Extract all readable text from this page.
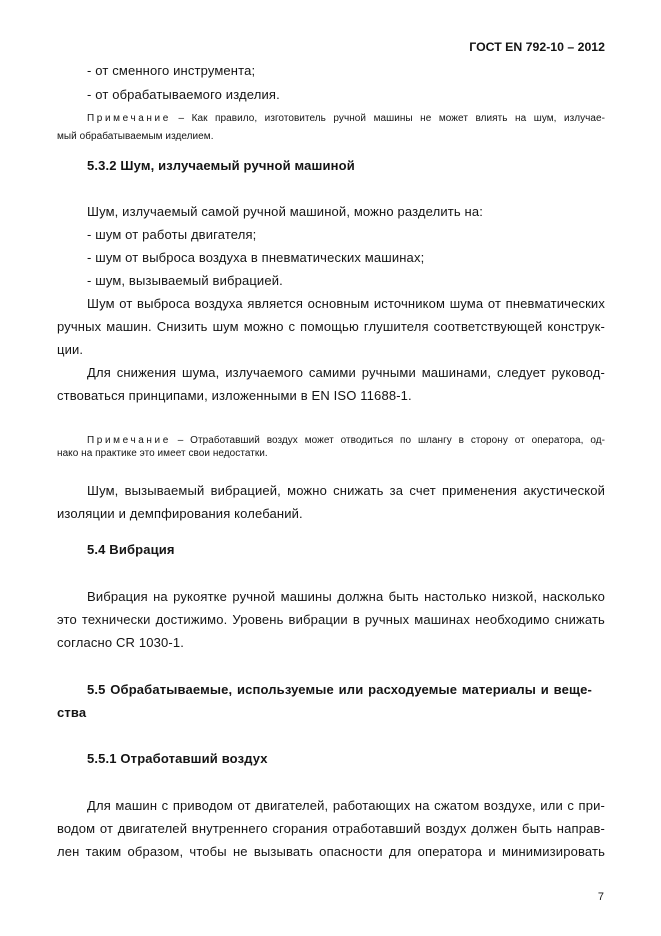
ГОСТ EN 792-10 – 2012
- от сменного инструмента;
- от обрабатываемого изделия.
Примечание – Как правило, изготовитель ручной машины не может влиять на шум, излучае-
мый обрабатываемым изделием.
5.3.2 Шум, излучаемый ручной машиной
Шум, излучаемый самой ручной машиной, можно разделить на:
- шум от работы двигателя;
- шум от выброса воздуха в пневматических машинах;
- шум, вызываемый вибрацией.
Шум от выброса воздуха является основным источником шума от пневматических
ручных машин. Снизить шум можно с помощью глушителя соответствующей конструк-
ции.
Для снижения шума, излучаемого самими ручными машинами, следует руковод-
ствоваться принципами, изложенными в EN ISO 11688-1.
Примечание – Отработавший воздух может отводиться по шлангу в сторону от оператора, од-
нако на практике это имеет свои недостатки.
Шум, вызываемый вибрацией, можно снижать за счет применения акустической
изоляции и демпфирования колебаний.
5.4 Вибрация
Вибрация на рукоятке ручной машины должна быть настолько низкой, насколько
это технически достижимо. Уровень вибрации в ручных машинах необходимо снижать
согласно CR 1030-1.
5.5 Обрабатываемые, используемые или расходуемые материалы и веще-
ства
5.5.1 Отработавший воздух
Для машин с приводом от двигателей, работающих на сжатом воздухе, или с при-
водом от двигателей внутреннего сгорания отработавший воздух должен быть направ-
лен таким образом, чтобы не вызывать опасности для оператора и минимизировать
7
